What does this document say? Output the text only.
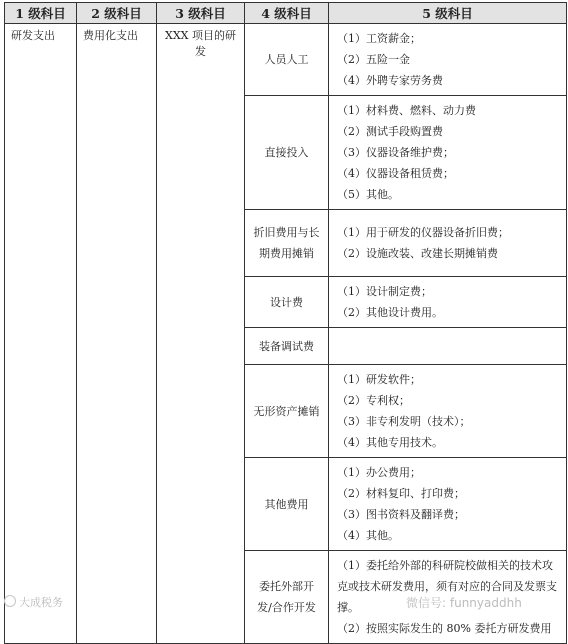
1 级科目	2 级科目	3 级科目	4 级科目	5 级科目
研发支出	费用化支出	XXX 项目的研发	人员人工	（1）工资薪金；
（2）五险一金
（4）外聘专家劳务费

			直接投入	（1）材料费、燃料、动力费
（2）测试手段购置费
（3）仪器设备维护费；
（4）仪器设备租赁费；
（5）其他。

			折旧费用与长期费用摊销	（1）用于研发的仪器设备折旧费；
（2）设施改装、改建长期摊销费

			设计费	（1）设计制定费；
（2）其他设计费用。

			装备调试费	
			无形资产摊销	（1）研发软件；
（2）专利权；
（3）非专利发明（技术）；
（4）其他专用技术。

			其他费用	（1）办公费用；
（2）材料复印、打印费；
（3）图书资料及翻译费；
（4）其他。

			委托外部开发/合作开发	（1）委托给外部的科研院校做相关的技术攻克或技术研发费用，须有对应的合同及发票支撑。
（2）按照实际发生的 80% 委托方研发费用
大成税务	微信号: funnyaddhh
